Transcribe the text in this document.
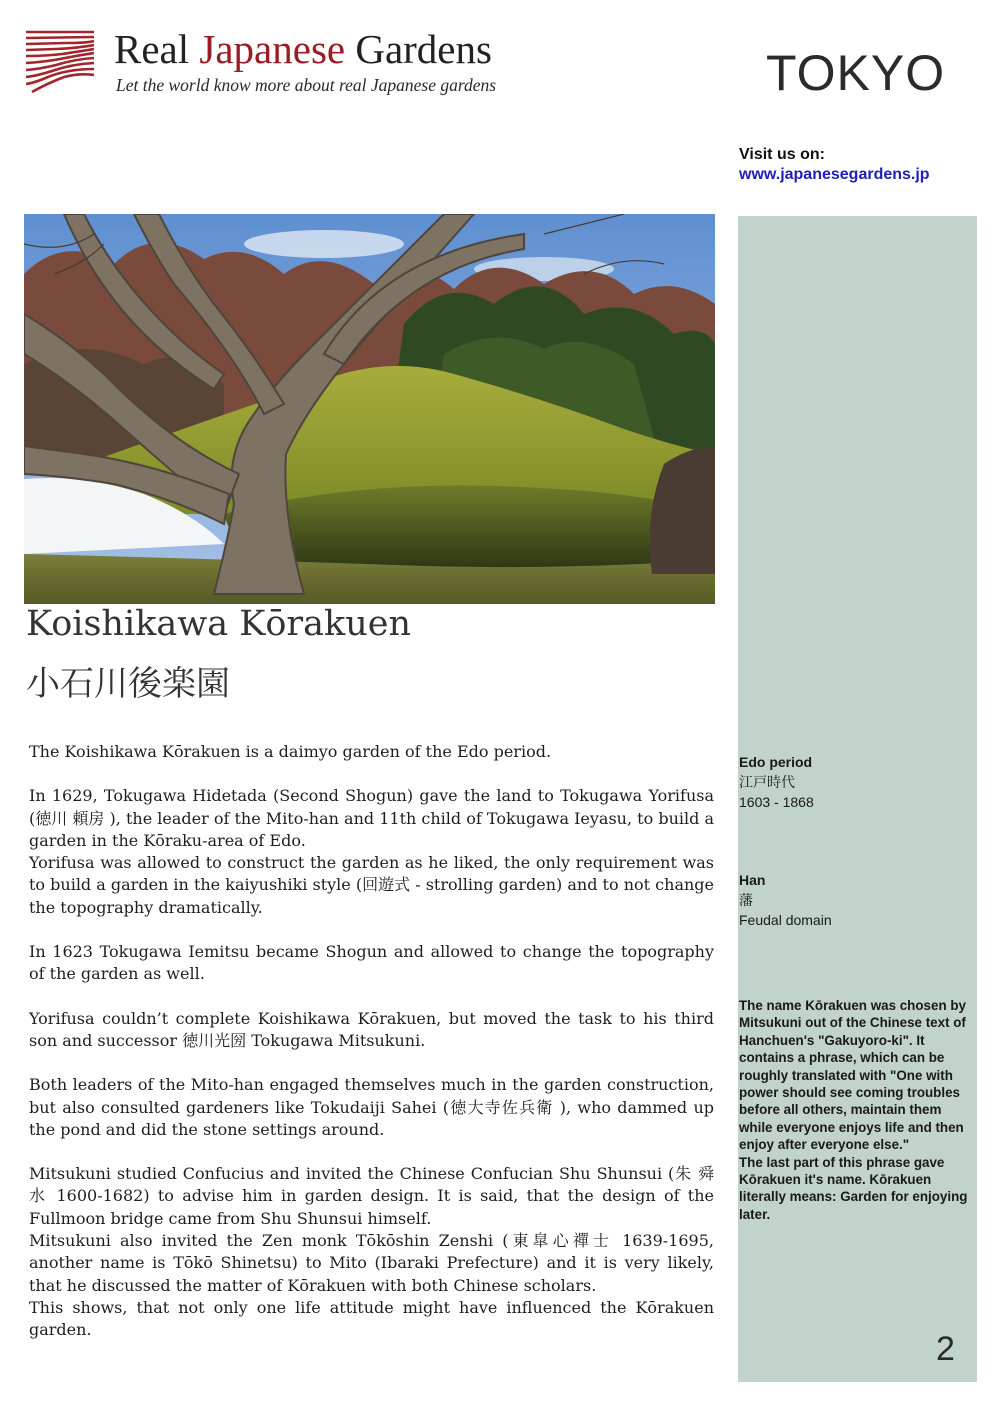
Real Japanese Gardens
Let the world know more about real Japanese gardens	TOKYO
Visit us on:
www.japanesegardens.jp
Koishikawa Kōrakuen
小石川後楽園

The Koishikawa Kōrakuen is a daimyo garden of the Edo period.

In 1629, Tokugawa Hidetada (Second Shogun) gave the land to Tokugawa Yorifusa (徳川 頼房 ), the leader of the Mito-han and 11th child of Tokugawa Ieyasu, to build a garden in the Kōraku-area of Edo.

Yorifusa was allowed to construct the garden as he liked, the only requirement was to build a garden in the kaiyushiki style (回遊式 - strolling garden) and to not change the topography dramatically.

In 1623 Tokugawa Iemitsu became Shogun and allowed to change the topography of the garden as well.

Yorifusa couldn’t complete Koishikawa Kōrakuen, but moved the task to his third son and successor 徳川光圀 Tokugawa Mitsukuni.

Both leaders of the Mito-han engaged themselves much in the garden construction, but also consulted gardeners like Tokudaiji Sahei (徳大寺佐兵衛 ), who dammed up the pond and did the stone settings around.

Mitsukuni studied Confucius and invited the Chinese Confucian Shu Shunsui (朱 舜水 1600-1682) to advise him in garden design. It is said, that the design of the Fullmoon bridge came from Shu Shunsui himself.

Mitsukuni also invited the Zen monk Tōkōshin Zenshi (東皐心禪士 1639-1695, another name is Tōkō Shinetsu) to Mito (Ibaraki Prefecture) and it is very likely, that he discussed the matter of Kōrakuen with both Chinese scholars.

This shows, that not only one life attitude might have influenced the Kōrakuen garden.

Edo period
江戸時代
1603 - 1868
Han
藩
Feudal domain
The name Kōrakuen was chosen by Mitsukuni out of the Chinese text of Hanchuen's "Gakuyoro-ki". It contains a phrase, which can be roughly translated with "One with power should see coming troubles before all others, maintain them while everyone enjoys life and then enjoy after everyone else."
The last part of this phrase gave Kōrakuen it's name. Kōrakuen literally means: Garden for enjoying later.
2
